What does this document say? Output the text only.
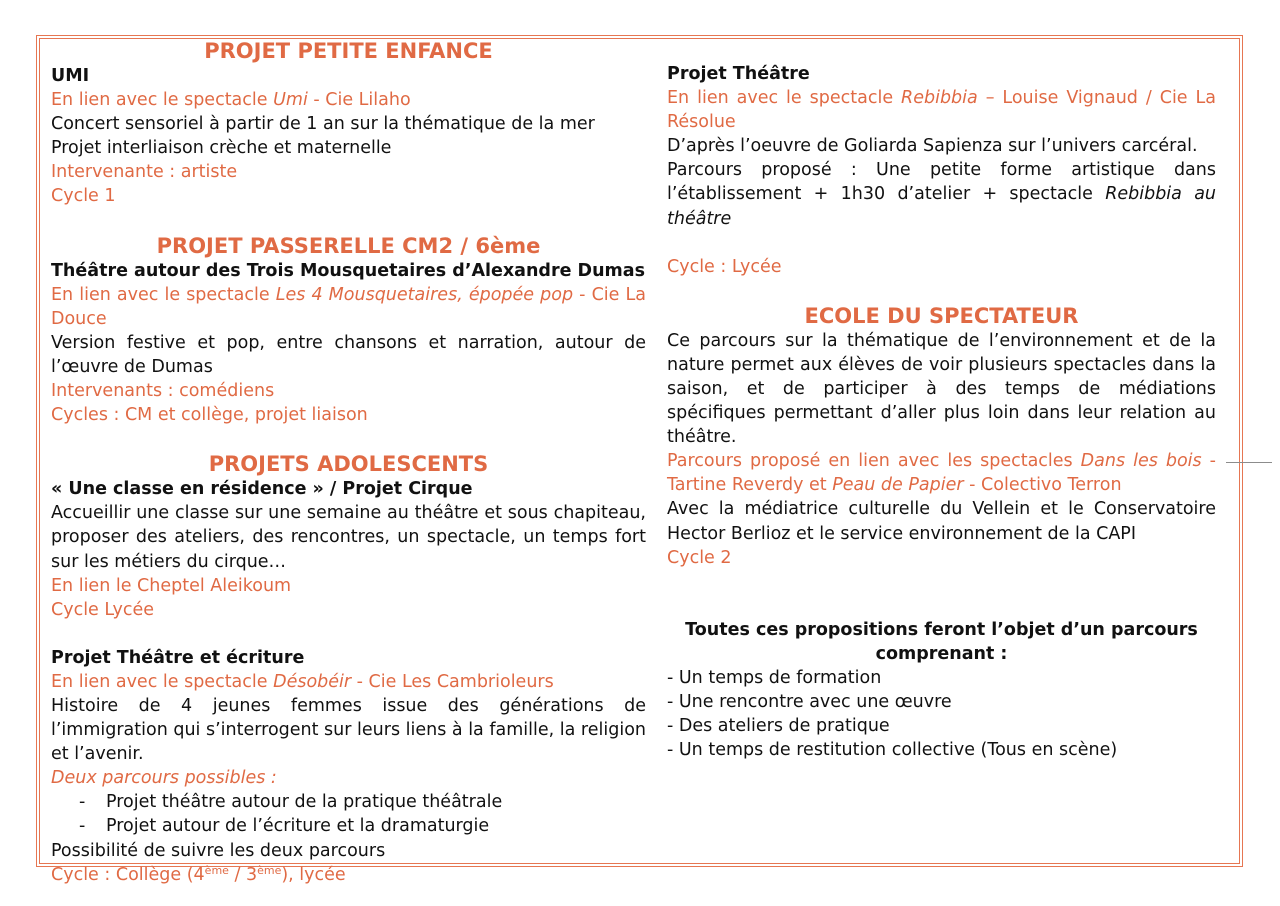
PROJET PETITE ENFANCE

UMI

En lien avec le spectacle Umi - Cie Lilaho

Concert sensoriel à partir de 1 an sur la thématique de la mer

Projet interliaison crèche et maternelle

Intervenante : artiste

Cycle 1

PROJET PASSERELLE CM2 / 6ème

Théâtre autour des Trois Mousquetaires d’Alexandre Dumas

En lien avec le spectacle Les 4 Mousquetaires, épopée pop - Cie La Douce

Version festive et pop, entre chansons et narration, autour de l’œuvre de Dumas

Intervenants : comédiens

Cycles : CM et collège, projet liaison

PROJETS ADOLESCENTS

« Une classe en résidence » / Projet Cirque

Accueillir une classe sur une semaine au théâtre et sous chapiteau, proposer des ateliers, des rencontres, un spectacle, un temps fort sur les métiers du cirque…

En lien le Cheptel Aleikoum

Cycle Lycée

Projet Théâtre et écriture

En lien avec le spectacle Désobéir - Cie Les Cambrioleurs

Histoire de 4 jeunes femmes issue des générations de l’immigration qui s’interrogent sur leurs liens à la famille, la religion et l’avenir.

Deux parcours possibles :

- Projet théâtre autour de la pratique théâtrale
- Projet autour de l’écriture et la dramaturgie

Possibilité de suivre les deux parcours

Cycle : Collège (4ème / 3ème), lycée

Projet Théâtre

En lien avec le spectacle Rebibbia – Louise Vignaud / Cie La Résolue

D’après l’oeuvre de Goliarda Sapienza sur l’univers carcéral.

Parcours proposé : Une petite forme artistique dans l’établissement + 1h30 d’atelier + spectacle Rebibbia au théâtre

Cycle : Lycée

ECOLE DU SPECTATEUR

Ce parcours sur la thématique de l’environnement et de la nature permet aux élèves de voir plusieurs spectacles dans la saison, et de participer à des temps de médiations spécifiques permettant d’aller plus loin dans leur relation au théâtre.

Parcours proposé en lien avec les spectacles Dans les bois - Tartine Reverdy et Peau de Papier - Colectivo Terron

Avec la médiatrice culturelle du Vellein et le Conservatoire Hector Berlioz et le service environnement de la CAPI

Cycle 2

Toutes ces propositions feront l’objet d’un parcours

comprenant :

- Un temps de formation

- Une rencontre avec une œuvre

- Des ateliers de pratique

- Un temps de restitution collective (Tous en scène)
